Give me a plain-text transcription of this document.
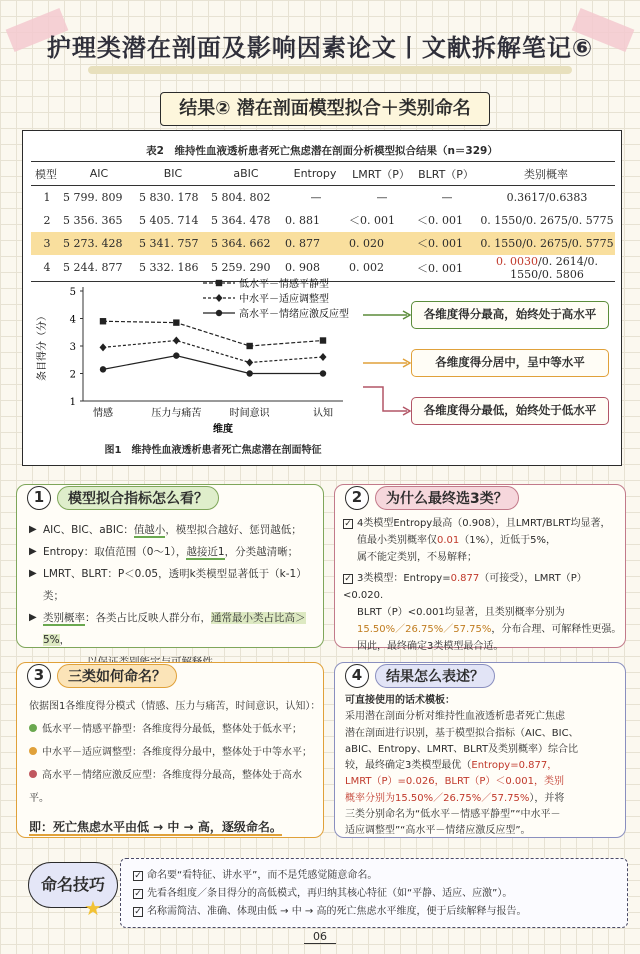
护理类潜在剖面及影响因素论文丨文献拆解笔记⑥
结果② 潜在剖面模型拟合＋类别命名
表2　维持性血液透析患者死亡焦虑潜在剖面分析模型拟合结果（n＝329）
模型	AIC	BIC	aBIC	Entropy	LMRT（P）	BLRT（P）	类别概率
1	5 799. 809	5 830. 178	5 804. 802	—	—	—	0.3617/0.6383
2	5 356. 365	5 405. 714	5 364. 478	0. 881	＜0. 001	＜0. 001	0. 1550/0. 2675/0. 5775
3	5 273. 428	5 341. 757	5 364. 662	0. 877	0. 020	＜0. 001	0. 1550/0. 2675/0. 5775
4	5 244. 877	5 332. 186	5 259. 290	0. 908	0. 002	＜0. 001	0. 0030/0. 2614/0. 1550/0. 5806
1
2
3
4
5
情感	压力与痛苦	时间意识	认知
维度
条目得分（分）
低水平－情感平静型
中水平－适应调整型
高水平－情绪应激反应型
图1　维持性血液透析患者死亡焦虑潜在剖面特征
各维度得分最高，始终处于高水平
各维度得分居中，呈中等水平
各维度得分最低，始终处于低水平
1	模型拟合指标怎么看？
▶ AIC、BIC、aBIC：值越小，模型拟合越好、惩罚越低；
▶ Entropy：取值范围（0～1），越接近1，分类越清晰；
▶ LMRT、BLRT：P＜0.05，透明k类模型显著低于（k-1）类；
▶ 类别概率：各类占比反映人群分布，通常最小类占比高＞5%，
2	为什么最终选3类？
✓ 4类模型Entropy最高（0.908），且LMRT/BLRT均显著，
值最小类别概率仅0.01（1%），近低于5%，
属不能定类别，不易解释；
✓ 3类模型：Entropy=0.877（可接受），LMRT（P）<0.020.
BLRT（P）<0.001均显著，且类别概率分别为
15.50%／26.75%／57.75%，分布合理、可解释性更强。
因此，最终确定3类模型最合适。
3	三类如何命名？
依据图1各维度得分模式（情感、压力与痛苦，时间意识，认知）：
低水平－情感平静型：各维度得分最低，整体处于低水平；
中水平－适应调整型：各维度得分最中，整体处于中等水平；
高水平－情绪应激反应型：各维度得分最高，整体处于高水平。
即：死亡焦虑水平由低 → 中 → 高，逐级命名。
4	结果怎么表述？
可直接使用的话术模板：
采用潜在剖面分析对维持性血液透析患者死亡焦虑
潜在剖面进行识别，基于模型拟合指标（AIC、BIC、
aBIC、Entropy、LMRT、BLRT及类别概率）综合比
较，最终确定3类模型最优（Entropy=0.877，
LMRT（P）=0.026，BLRT（P）＜0.001，类别
概率分别为15.50%／26.75%／57.75%），并将
三类分别命名为“低水平－情感平静型”“中水平－
适应调整型”“高水平－情绪应激反应型”。
命名技巧
★
✓ 命名要“看特征、讲水平”，而不是凭感觉随意命名。
✓ 先看各组度／条目得分的高低模式，再归纳其核心特征（如“平静、适应、应激”）。
✓ 名称需简洁、准确、体现由低 → 中 → 高的死亡焦虑水平维度，便于后续解释与报告。
06
